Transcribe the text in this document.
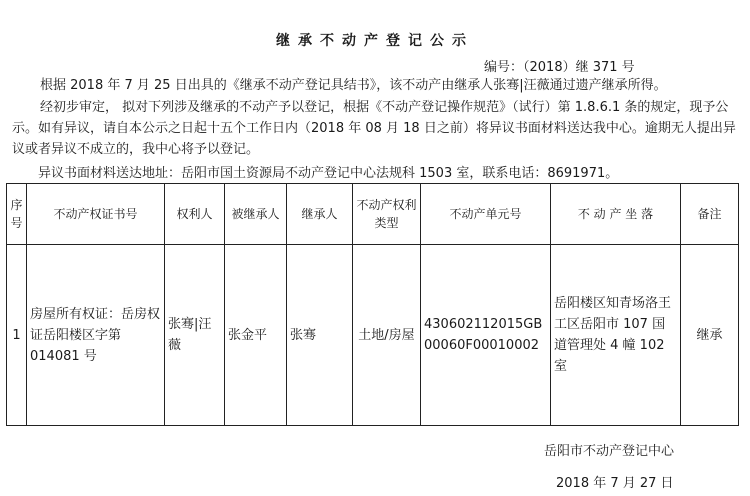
继承不动产登记公示
编号：（2018）继 371 号
根据 2018 年 7 月 25 日出具的《继承不动产登记具结书》，该不动产由继承人张骞|汪薇通过遗产继承所得。
经初步审定， 拟对下列涉及继承的不动产予以登记，根据《不动产登记操作规范》（试行）第 1.8.6.1 条的规定，现予公示。如有异议，请自本公示之日起十五个工作日内（2018 年 08 月 18 日之前）将异议书面材料送达我中心。逾期无人提出异议或者异议不成立的，我中心将予以登记。
异议书面材料送达地址：岳阳市国土资源局不动产登记中心法规科 1503 室，联系电话：8691971。
序号	不动产权证书号	权利人	被继承人	继承人	不动产权利类型	不动产单元号	不 动 产 坐 落	备注
1	房屋所有权证：岳房权证岳阳楼区字第 014081 号	张骞|汪薇	张金平	张骞	土地/房屋	430602112015GB00060F00010002	岳阳楼区知青场洛王工区岳阳市 107 国道管理处 4 幢 102 室	继承
岳阳市不动产登记中心
2018 年 7 月 27 日
